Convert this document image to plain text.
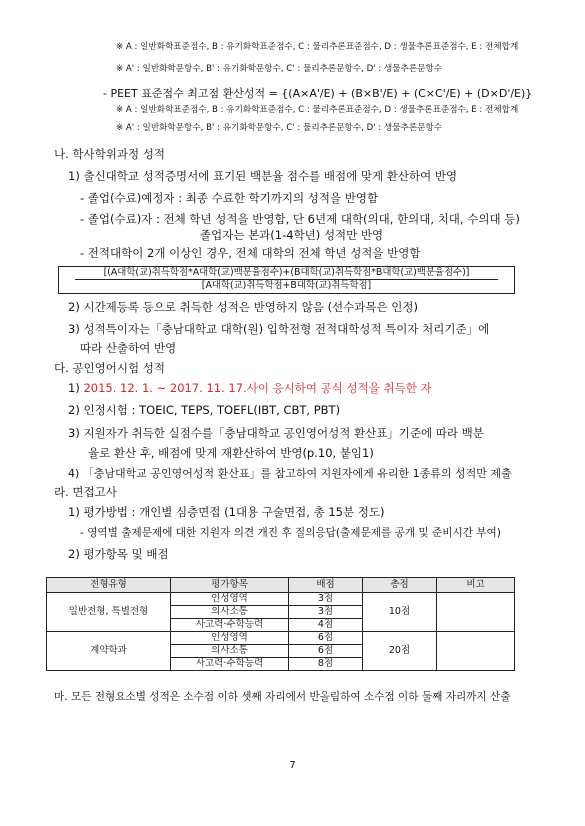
※ A : 일반화학표준점수, B : 유기화학표준점수, C : 물리추론표준점수, D : 생물추론표준점수, E : 전체합계
※ A' : 일반화학문항수, B' : 유기화학문항수, C' : 물리추론문항수, D' : 생물추론문항수
- PEET 표준점수 최고점 환산성적 = {(A×A'/E) + (B×B'/E) + (C×C'/E) + (D×D'/E)}
※ A : 일반화학표준점수, B : 유기화학표준점수, C : 물리추론표준점수, D : 생물추론표준점수, E : 전체합계
※ A' : 일반화학문항수, B' : 유기화학문항수, C' : 물리추론문항수, D' : 생물추론문항수
나. 학사학위과정 성적
1) 출신대학교 성적증명서에 표기된 백분율 점수를 배점에 맞게 환산하여 반영
- 졸업(수료)예정자 : 최종 수료한 학기까지의 성적을 반영함
- 졸업(수료)자 : 전체 학년 성적을 반영함, 단 6년제 대학(의대, 한의대, 치대, 수의대 등)
졸업자는 본과(1-4학년) 성적만 반영
- 전적대학이 2개 이상인 경우, 전체 대학의 전체 학년 성적을 반영함
[(A대학(교)취득학점*A대학(교)백분율점수)+(B대학(교)취득학점*B대학(교)백분율점수)]
[A대학(교)취득학점+B대학(교)취득학점]
2) 시간제등록 등으로 취득한 성적은 반영하지 않음 (선수과목은 인정)
3) 성적특이자는「충남대학교 대학(원) 입학전형 전적대학성적 특이자 처리기준」에
따라 산출하여 반영
다. 공인영어시험 성적
1) 2015. 12. 1. ~ 2017. 11. 17.사이 응시하여 공식 성적을 취득한 자
2) 인정시험 : TOEIC, TEPS, TOEFL(IBT, CBT, PBT)
3) 지원자가 취득한 실점수를「충남대학교 공인영어성적 환산표」기준에 따라 백분
율로 환산 후, 배점에 맞게 재환산하여 반영(p.10, 붙임1)
4) 「충남대학교 공인영어성적 환산표」를 참고하여 지원자에게 유리한 1종류의 성적만 제출
라. 면접고사
1) 평가방법 : 개인별 심층면접 (1대용 구술면접, 총 15분 정도)
- 영역별 출제문제에 대한 지원자 의견 개진 후 질의응답(출제문제를 공개 및 준비시간 부여)
2) 평가항목 및 배점
전형유형	평가항목	배점	총점	비고
일반전형, 특별전형	인성영역	3점	10점	
	의사소통	3점		
	사고력·수학능력	4점		
계약학과	인성영역	6점	20점	
	의사소통	6점		
	사고력·수학능력	8점		
마. 모든 전형요소별 성적은 소수점 이하 셋째 자리에서 반올림하여 소수점 이하 둘째 자리까지 산출
7
